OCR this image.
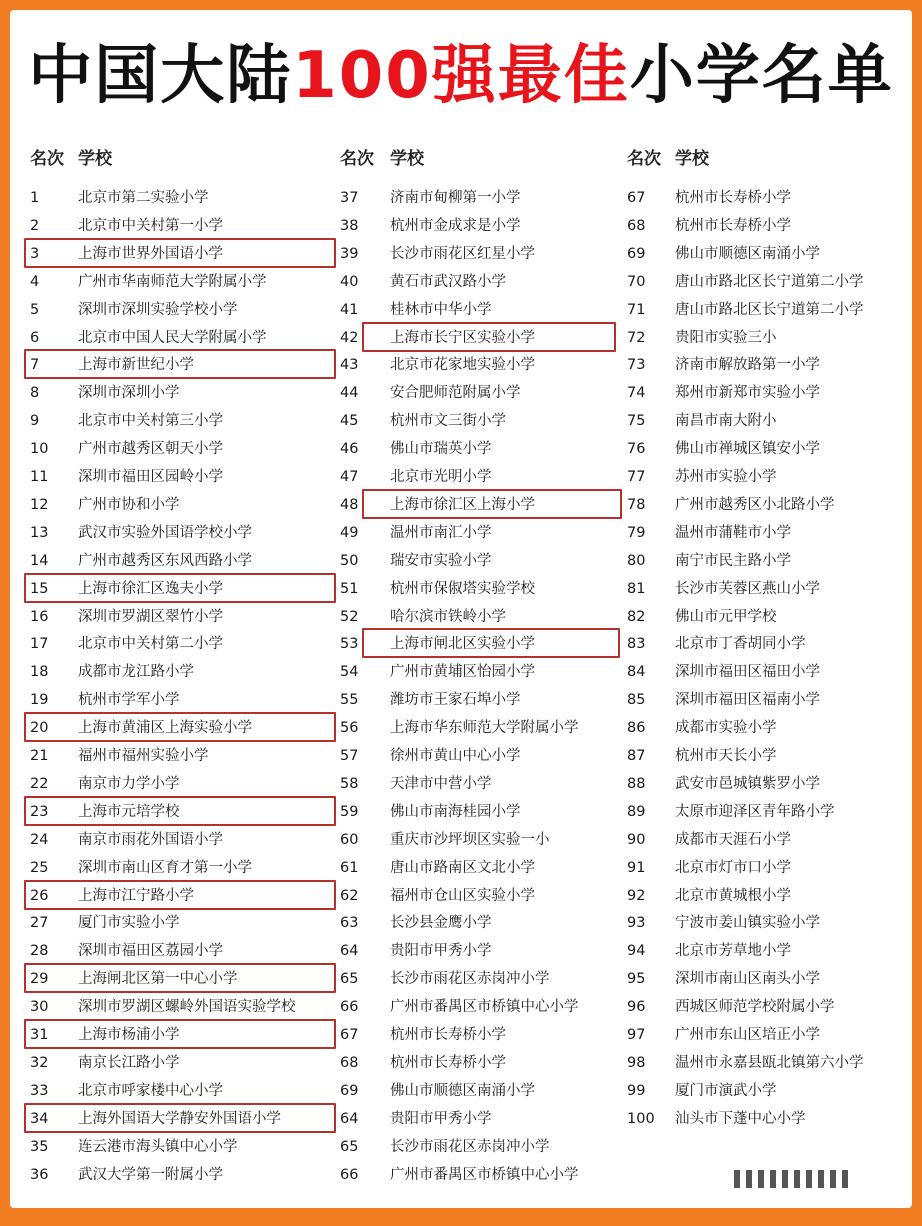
中国大陆100强最佳小学名单
名次 学校
1	北京市第二实验小学
2	北京市中关村第一小学
3	上海市世界外国语小学
4	广州市华南师范大学附属小学
5	深圳市深圳实验学校小学
6	北京市中国人民大学附属小学
7	上海市新世纪小学
8	深圳市深圳小学
9	北京市中关村第三小学
10 广州市越秀区朝天小学
11 深圳市福田区园岭小学
12 广州市协和小学
13 武汉市实验外国语学校小学
14 广州市越秀区东风西路小学
15 上海市徐汇区逸夫小学
16 深圳市罗湖区翠竹小学
17 北京市中关村第二小学
18 成都市龙江路小学
19 杭州市学军小学
20 上海市黄浦区上海实验小学
21 福州市福州实验小学
22 南京市力学小学
23 上海市元培学校
24 南京市雨花外国语小学
25 深圳市南山区育才第一小学
26 上海市江宁路小学
27 厦门市实验小学
28 深圳市福田区荔园小学
29 上海闸北区第一中心小学
30 深圳市罗湖区螺岭外国语实验学校
31 上海市杨浦小学
32 南京长江路小学
33 北京市呼家楼中心小学
34 上海外国语大学静安外国语小学
35 连云港市海头镇中心小学
36 武汉大学第一附属小学
名次 学校
37 济南市甸柳第一小学
38 杭州市金成求是小学
39 长沙市雨花区红星小学
40 黄石市武汉路小学
41 桂林市中华小学
42 上海市长宁区实验小学
43 北京市花家地实验小学
44 安合肥师范附属小学
45 杭州市文三街小学
46 佛山市瑞英小学
47 北京市光明小学
48 上海市徐汇区上海小学
49 温州市南汇小学
50 瑞安市实验小学
51 杭州市保俶塔实验学校
52 哈尔滨市铁岭小学
53 上海市闸北区实验小学
54 广州市黄埔区怡园小学
55 潍坊市王家石埠小学
56 上海市华东师范大学附属小学
57 徐州市黄山中心小学
58 天津市中营小学
59 佛山市南海桂园小学
60 重庆市沙坪坝区实验一小
61 唐山市路南区文北小学
62 福州市仓山区实验小学
63 长沙县金鹰小学
64 贵阳市甲秀小学
65 长沙市雨花区赤岗冲小学
66 广州市番禺区市桥镇中心小学
67 杭州市长寿桥小学
68 杭州市长寿桥小学
69 佛山市顺德区南涌小学
64 贵阳市甲秀小学
65 长沙市雨花区赤岗冲小学
66 广州市番禺区市桥镇中心小学
名次 学校
67 杭州市长寿桥小学
68 杭州市长寿桥小学
69 佛山市顺德区南涌小学
70 唐山市路北区长宁道第二小学
71 唐山市路北区长宁道第二小学
72 贵阳市实验三小
73 济南市解放路第一小学
74 郑州市新郑市实验小学
75 南昌市南大附小
76 佛山市禅城区镇安小学
77 苏州市实验小学
78 广州市越秀区小北路小学
79 温州市蒲鞋市小学
80 南宁市民主路小学
81 长沙市芙蓉区燕山小学
82 佛山市元甲学校
83 北京市丁香胡同小学
84 深圳市福田区福田小学
85 深圳市福田区福南小学
86 成都市实验小学
87 杭州市天长小学
88 武安市邑城镇紫罗小学
89 太原市迎泽区青年路小学
90 成都市天涯石小学
91 北京市灯市口小学
92 北京市黄城根小学
93 宁波市姜山镇实验小学
94 北京市芳草地小学
95 深圳市南山区南头小学
96 西城区师范学校附属小学
97 广州市东山区培正小学
98 温州市永嘉县瓯北镇第六小学
99 厦门市演武小学
100 汕头市下蓬中心小学
